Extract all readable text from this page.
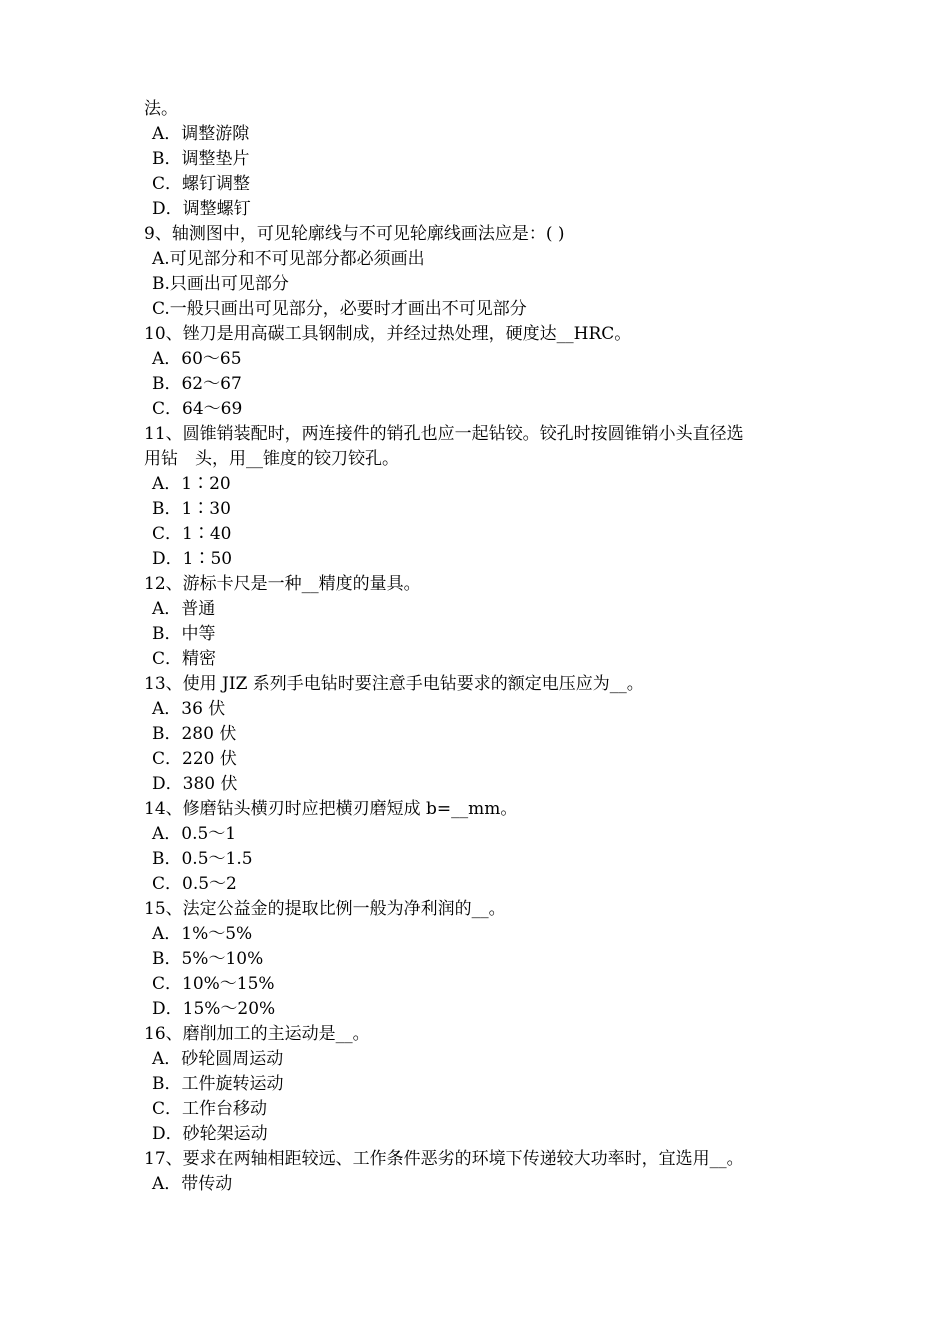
法。
A．调整游隙
B．调整垫片
C．螺钉调整
D．调整螺钉
9、轴测图中，可见轮廓线与不可见轮廓线画法应是：( )
A.可见部分和不可见部分都必须画出
B.只画出可见部分
C.一般只画出可见部分，必要时才画出不可见部分
10、锉刀是用高碳工具钢制成，并经过热处理，硬度达__HRC。
A．60～65
B．62～67
C．64～69
11、圆锥销装配时，两连接件的销孔也应一起钻铰。铰孔时按圆锥销小头直径选
用钻　头，用__锥度的铰刀铰孔。
A．1∶20
B．1∶30
C．1∶40
D．1∶50
12、游标卡尺是一种__精度的量具。
A．普通
B．中等
C．精密
13、使用 JIZ 系列手电钻时要注意手电钻要求的额定电压应为__。
A．36 伏
B．280 伏
C．220 伏
D．380 伏
14、修磨钻头横刃时应把横刃磨短成 b=__mm。
A．0.5～1
B．0.5～1.5
C．0.5～2
15、法定公益金的提取比例一般为净利润的__。
A．1%～5%
B．5%～10%
C．10%～15%
D．15%～20%
16、磨削加工的主运动是__。
A．砂轮圆周运动
B．工件旋转运动
C．工作台移动
D．砂轮架运动
17、要求在两轴相距较远、工作条件恶劣的环境下传递较大功率时，宜选用__。
A．带传动
